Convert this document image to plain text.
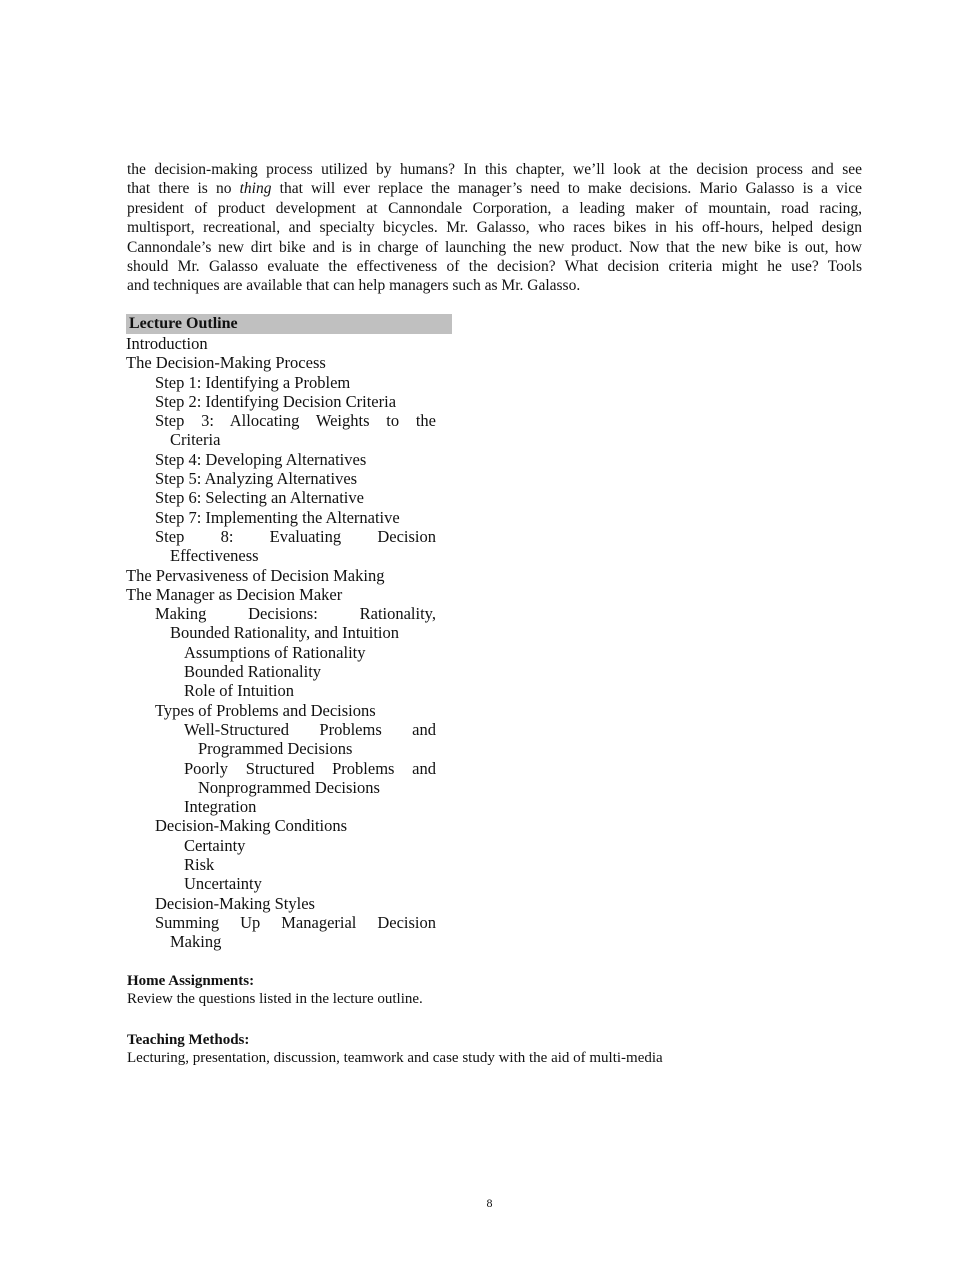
the decision-making process utilized by humans? In this chapter, we’ll look at the decision process and see
that there is no thing that will ever replace the manager’s need to make decisions. Mario Galasso is a vice
president of product development at Cannondale Corporation, a leading maker of mountain, road racing,
multisport, recreational, and specialty bicycles. Mr. Galasso, who races bikes in his off-hours, helped design
Cannondale’s new dirt bike and is in charge of launching the new product. Now that the new bike is out, how
should Mr. Galasso evaluate the effectiveness of the decision? What decision criteria might he use? Tools
and techniques are available that can help managers such as Mr. Galasso.
Lecture Outline
Introduction
The Decision-Making Process
Step 1: Identifying a Problem
Step 2: Identifying Decision Criteria
Step 3: Allocating Weights to the
Criteria
Step 4: Developing Alternatives
Step 5: Analyzing Alternatives
Step 6: Selecting an Alternative
Step 7: Implementing the Alternative
Step 8: Evaluating Decision
Effectiveness
The Pervasiveness of Decision Making
The Manager as Decision Maker
Making Decisions: Rationality,
Bounded Rationality, and Intuition
Assumptions of Rationality
Bounded Rationality
Role of Intuition
Types of Problems and Decisions
Well-Structured Problems and
Programmed Decisions
Poorly Structured Problems and
Nonprogrammed Decisions
Integration
Decision-Making Conditions
Certainty
Risk
Uncertainty
Decision-Making Styles
Summing Up Managerial Decision
Making
Home Assignments:
Review the questions listed in the lecture outline.
Teaching Methods:
Lecturing, presentation, discussion, teamwork and case study with the aid of multi-media
8
